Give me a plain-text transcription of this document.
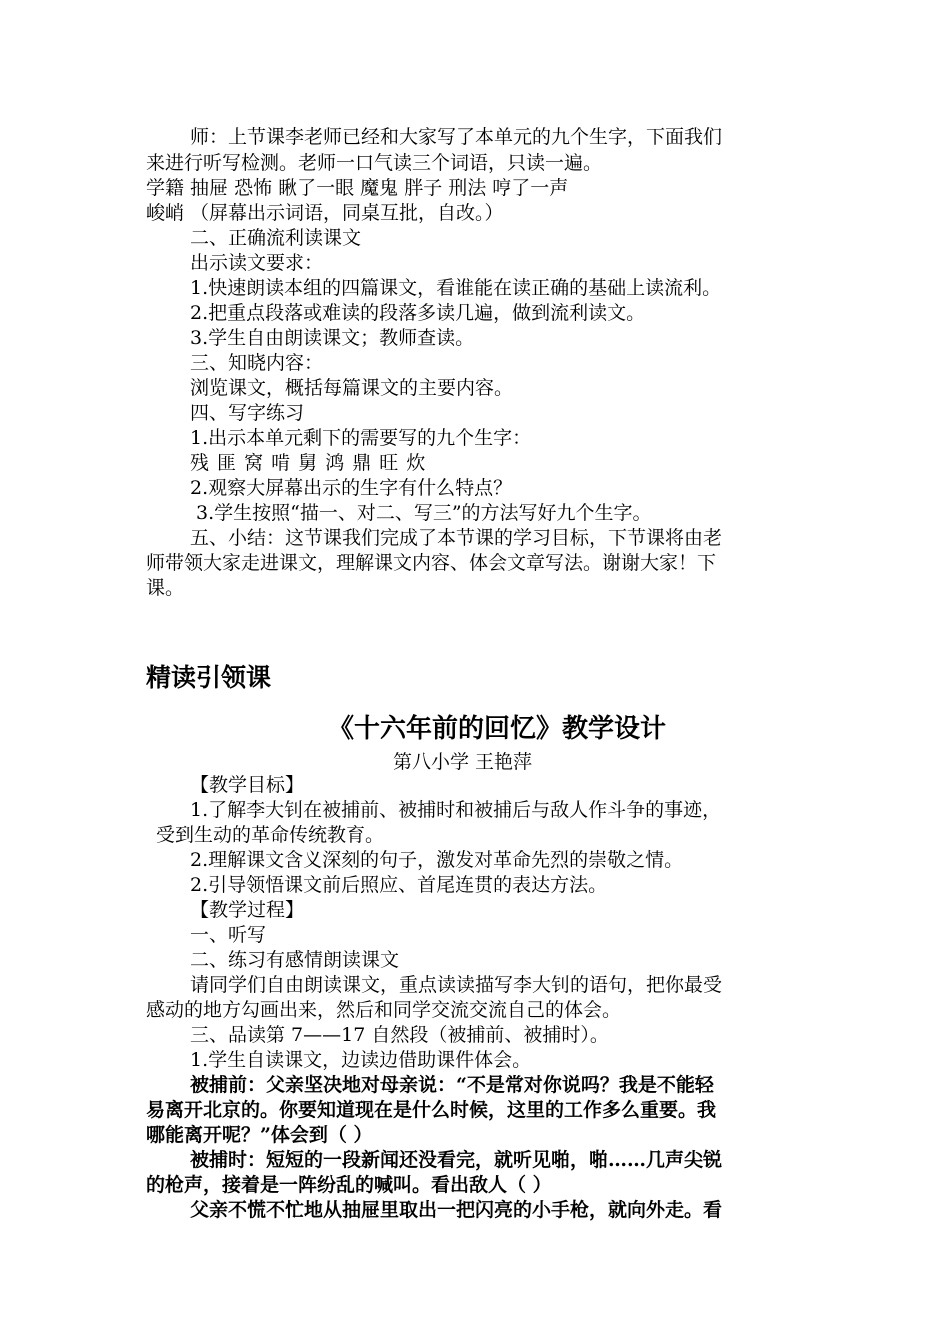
师：上节课李老师已经和大家写了本单元的九个生字，下面我们
来进行听写检测。老师一口气读三个词语，只读一遍。
学籍 抽屉 恐怖 瞅了一眼 魔鬼 胖子 刑法 哼了一声
峻峭 （屏幕出示词语，同桌互批，自改。）
二、正确流利读课文
出示读文要求：
1.快速朗读本组的四篇课文，看谁能在读正确的基础上读流利。
2.把重点段落或难读的段落多读几遍，做到流利读文。
3.学生自由朗读课文；教师查读。
三、知晓内容：
浏览课文，概括每篇课文的主要内容。
四、写字练习
1.出示本单元剩下的需要写的九个生字：
残 匪 窝 啃 舅 鸿 鼎 旺 炊
2.观察大屏幕出示的生字有什么特点？
3.学生按照“描一、对二、写三”的方法写好九个生字。
五、小结：这节课我们完成了本节课的学习目标，下节课将由老
师带领大家走进课文，理解课文内容、体会文章写法。谢谢大家！下
课。
精读引领课
《十六年前的回忆》教学设计
第八小学 王艳萍
【教学目标】
1.了解李大钊在被捕前、被捕时和被捕后与敌人作斗争的事迹，
受到生动的革命传统教育。
2.理解课文含义深刻的句子，激发对革命先烈的崇敬之情。
2.引导领悟课文前后照应、首尾连贯的表达方法。
【教学过程】
一、听写
二、练习有感情朗读课文
请同学们自由朗读课文，重点读读描写李大钊的语句，把你最受
感动的地方勾画出来，然后和同学交流交流自己的体会。
三、品读第 7——17 自然段（被捕前、被捕时）。
1.学生自读课文，边读边借助课件体会。
被捕前：父亲坚决地对母亲说：“不是常对你说吗？我是不能轻
易离开北京的。你要知道现在是什么时候，这里的工作多么重要。我
哪能离开呢？”体会到（ ）
被捕时：短短的一段新闻还没看完，就听见啪，啪……几声尖锐
的枪声，接着是一阵纷乱的喊叫。看出敌人（ ）
父亲不慌不忙地从抽屉里取出一把闪亮的小手枪，就向外走。看
